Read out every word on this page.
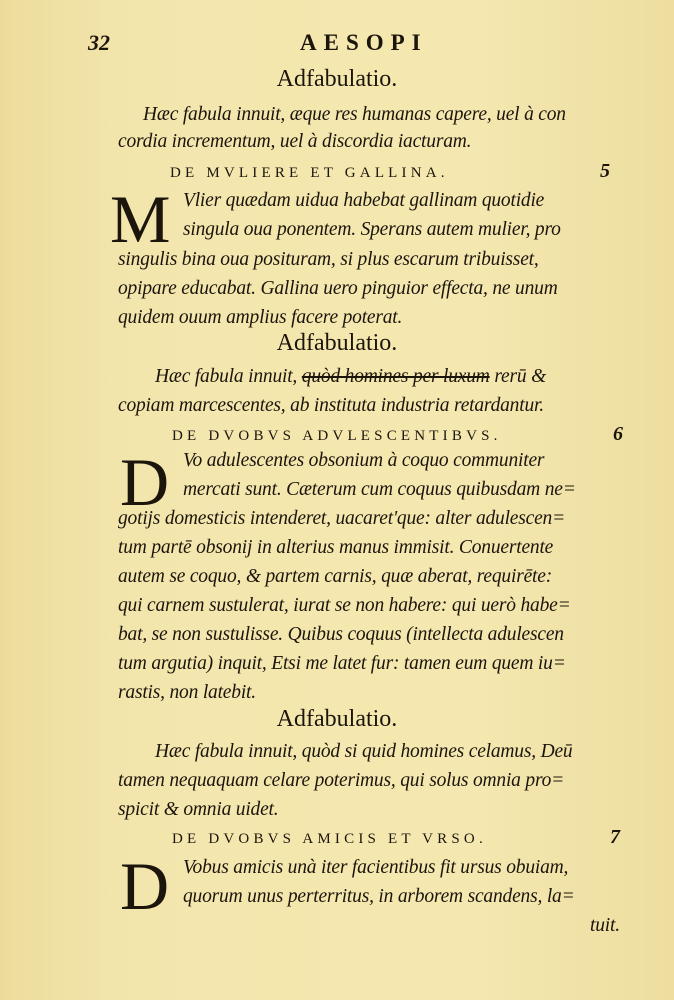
32	AESOPI
Adfabulatio.
Hæc fabula innuit, æque res humanas capere, uel à con
cordia incrementum, uel à discordia iacturam.
DE MVLIERE ET GALLINA.	5
M Vlier quædam uidua habebat gallinam quotidie
singula oua ponentem. Sperans autem mulier, pro
singulis bina oua posituram, si plus escarum tribuisset,
opipare educabat. Gallina uero pinguior effecta, ne unum
quidem ouum amplius facere poterat.
Adfabulatio.
Hæc fabula innuit, quòd homines per luxum rerū &
copiam marcescentes, ab instituta industria retardantur.
DE DVOBVS ADVLESCENTIBVS.	6
D Vo adulescentes obsonium à coquo communiter
mercati sunt. Cæterum cum coquus quibusdam ne=
gotijs domesticis intenderet, uacaret'que: alter adulescen=
tum partē obsonij in alterius manus immisit. Conuertente
autem se coquo, & partem carnis, quæ aberat, requirēte:
qui carnem sustulerat, iurat se non habere: qui uerò habe=
bat, se non sustulisse. Quibus coquus (intellecta adulescen
tum argutia) inquit, Etsi me latet fur: tamen eum quem iu=
rastis, non latebit.
Adfabulatio.
Hæc fabula innuit, quòd si quid homines celamus, Deū
tamen nequaquam celare poterimus, qui solus omnia pro=
spicit & omnia uidet.
DE DVOBVS AMICIS ET VRSO.	7
D Vobus amicis unà iter facientibus fit ursus obuiam,
quorum unus perterritus, in arborem scandens, la=
tuit.
